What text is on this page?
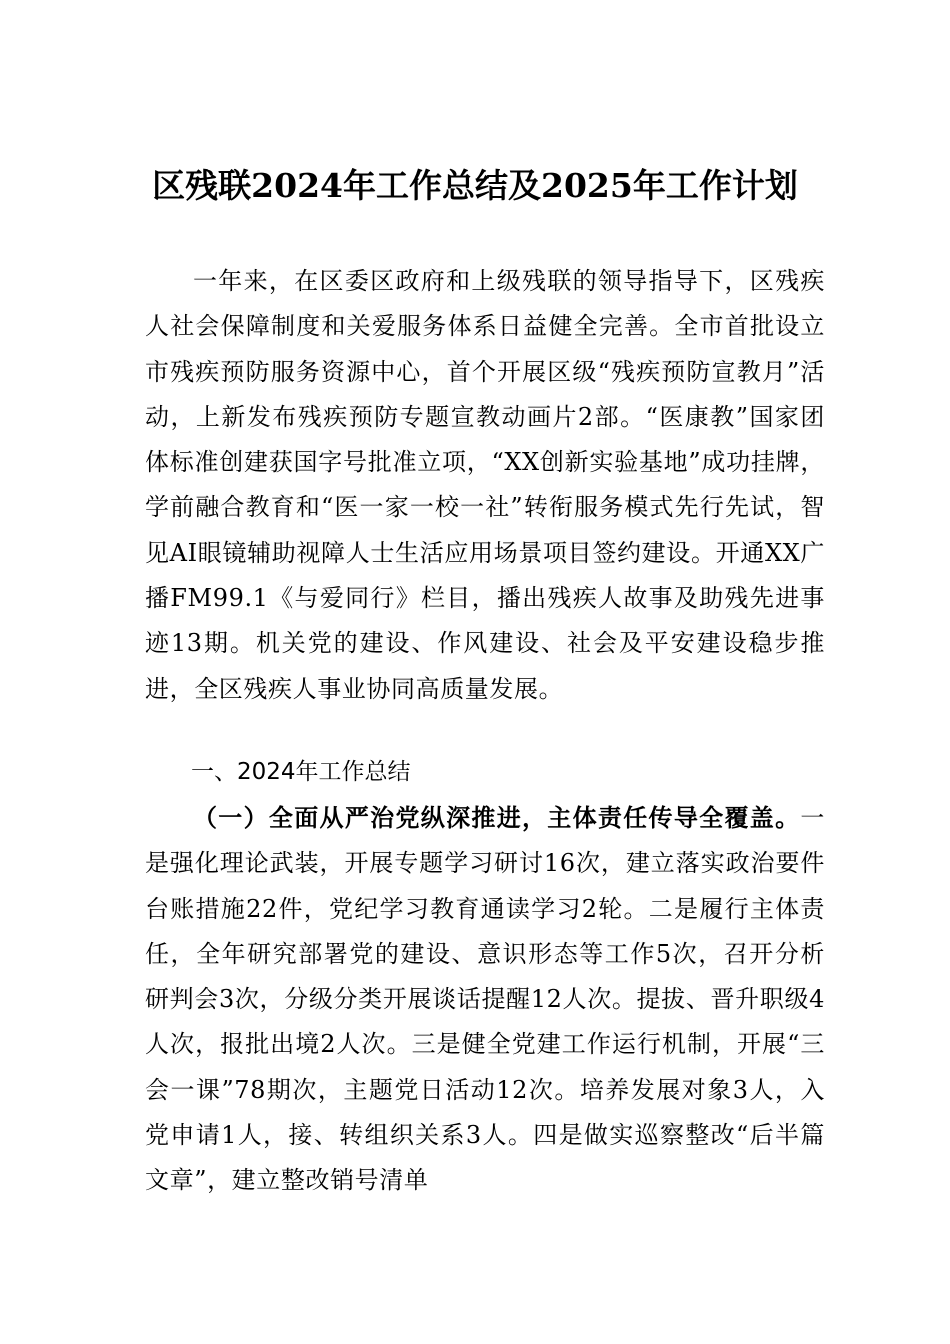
区残联2024年工作总结及2025年工作计划

一年来，在区委区政府和上级残联的领导指导下，区残疾人社会保障制度和关爱服务体系日益健全完善。全市首批设立市残疾预防服务资源中心，首个开展区级“残疾预防宣教月”活动，上新发布残疾预防专题宣教动画片2部。“医康教”国家团体标准创建获国字号批准立项，“XX创新实验基地”成功挂牌，学前融合教育和“医一家一校一社”转衔服务模式先行先试，智见AI眼镜辅助视障人士生活应用场景项目签约建设。开通XX广播FM99.1《与爱同行》栏目，播出残疾人故事及助残先进事迹13期。机关党的建设、作风建设、社会及平安建设稳步推进，全区残疾人事业协同高质量发展。

一、2024年工作总结

（一）全面从严治党纵深推进，主体责任传导全覆盖。一是强化理论武装，开展专题学习研讨16次，建立落实政治要件台账措施22件，党纪学习教育通读学习2轮。二是履行主体责任，全年研究部署党的建设、意识形态等工作5次，召开分析研判会3次，分级分类开展谈话提醒12人次。提拔、晋升职级4人次，报批出境2人次。三是健全党建工作运行机制，开展“三会一课”78期次，主题党日活动12次。培养发展对象3人，入党申请1人，接、转组织关系3人。四是做实巡察整改“后半篇文章”，建立整改销号清单
